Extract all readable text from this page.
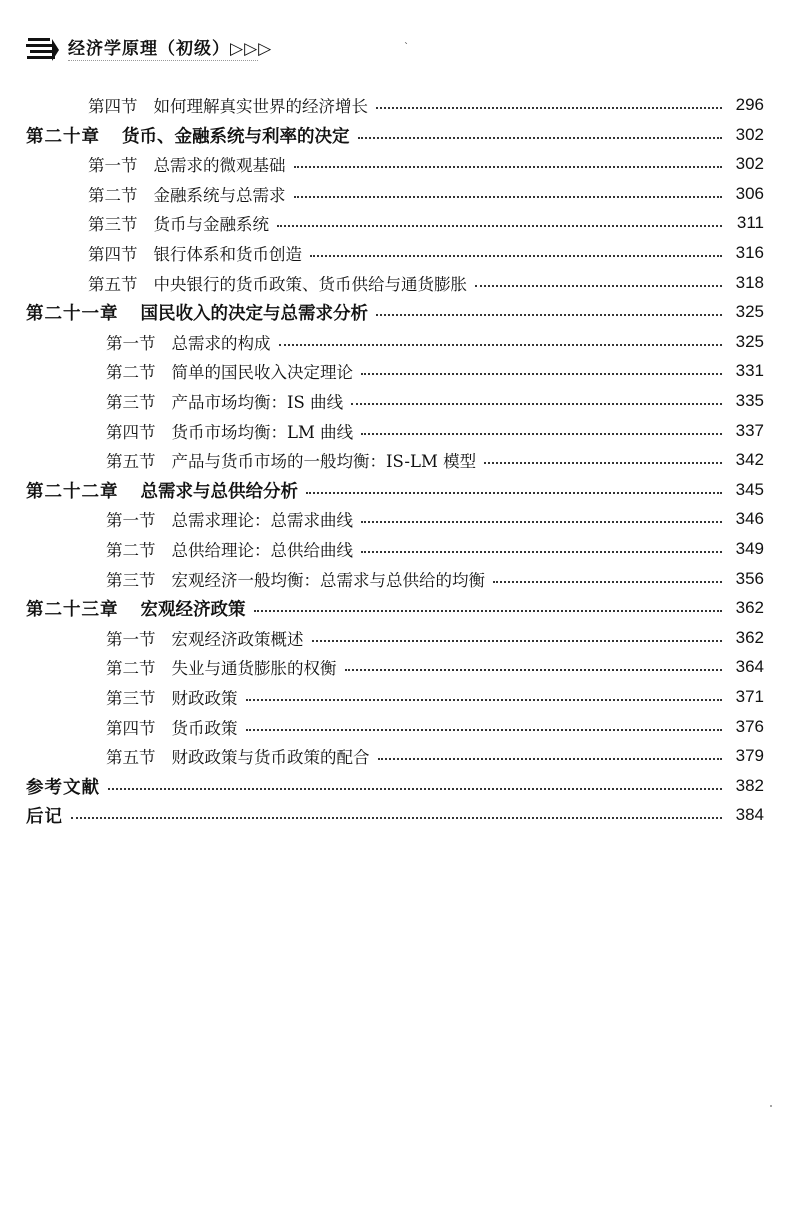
经济学原理（初级）▷▷▷	ˋ
第四节 如何理解真实世界的经济增长	296
第二十章 货币、金融系统与利率的决定	302
第一节 总需求的微观基础	302
第二节 金融系统与总需求	306
第三节 货币与金融系统	311
第四节 银行体系和货币创造	316
第五节 中央银行的货币政策、货币供给与通货膨胀	318
第二十一章 国民收入的决定与总需求分析	325
第一节 总需求的构成	325
第二节 简单的国民收入决定理论	331
第三节 产品市场均衡：IS 曲线	335
第四节 货币市场均衡：LM 曲线	337
第五节 产品与货币市场的一般均衡：IS-LM 模型	342
第二十二章 总需求与总供给分析	345
第一节 总需求理论：总需求曲线	346
第二节 总供给理论：总供给曲线	349
第三节 宏观经济一般均衡：总需求与总供给的均衡	356
第二十三章 宏观经济政策	362
第一节 宏观经济政策概述	362
第二节 失业与通货膨胀的权衡	364
第三节 财政政策	371
第四节 货币政策	376
第五节 财政政策与货币政策的配合	379
参考文献	382
后记	384
